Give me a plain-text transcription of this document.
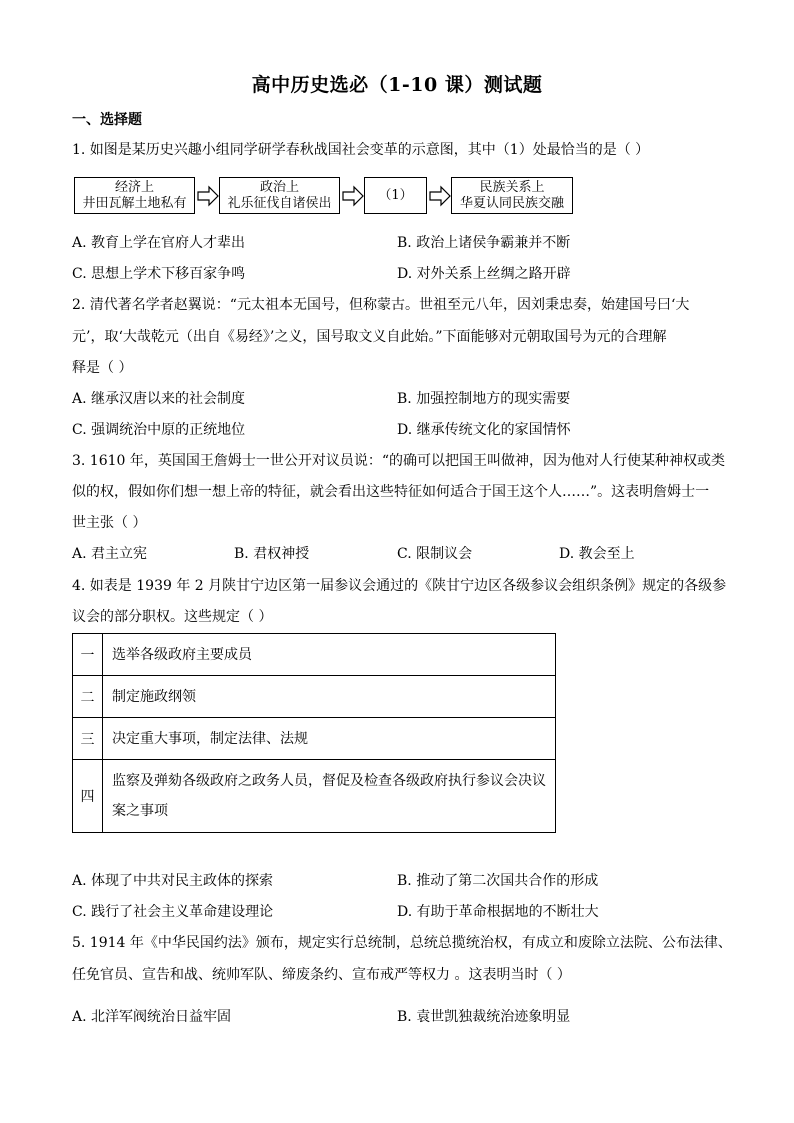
高中历史选必（1-10 课）测试题
一、选择题
1. 如图是某历史兴趣小组同学研学春秋战国社会变革的示意图，其中（1）处最恰当的是（ ）
经济上
井田瓦解土地私有
政治上
礼乐征伐自诸侯出
（1）
民族关系上
华夏认同民族交融
A. 教育上学在官府人才辈出	B. 政治上诸侯争霸兼并不断
C. 思想上学术下移百家争鸣	D. 对外关系上丝绸之路开辟
2. 清代著名学者赵翼说：“元太祖本无国号，但称蒙古。世祖至元八年，因刘秉忠奏，始建国号曰‘大
元’，取‘大哉乾元（出自《易经》’之义，国号取文义自此始。”下面能够对元朝取国号为元的合理解
释是（ ）
A. 继承汉唐以来的社会制度	B. 加强控制地方的现实需要
C. 强调统治中原的正统地位	D. 继承传统文化的家国情怀
3. 1610 年，英国国王詹姆士一世公开对议员说：“的确可以把国王叫做神，因为他对人行使某种神权或类
似的权，假如你们想一想上帝的特征，就会看出这些特征如何适合于国王这个人……”。这表明詹姆士一
世主张（ ）
A. 君主立宪	B. 君权神授	C. 限制议会	D. 教会至上
4. 如表是 1939 年 2 月陕甘宁边区第一届参议会通过的《陕甘宁边区各级参议会组织条例》规定的各级参
议会的部分职权。这些规定（ ）
一	选举各级政府主要成员
二	制定施政纲领
三	决定重大事项，制定法律、法规
四	监察及弹劾各级政府之政务人员，督促及检查各级政府执行参议会决议案之事项
A. 体现了中共对民主政体的探索	B. 推动了第二次国共合作的形成
C. 践行了社会主义革命建设理论	D. 有助于革命根据地的不断壮大
5. 1914 年《中华民国约法》颁布，规定实行总统制，总统总揽统治权，有成立和废除立法院、公布法律、
任免官员、宣告和战、统帅军队、缔废条约、宣布戒严等权力 。这表明当时（ ）
A. 北洋军阀统治日益牢固	B. 袁世凯独裁统治迹象明显
